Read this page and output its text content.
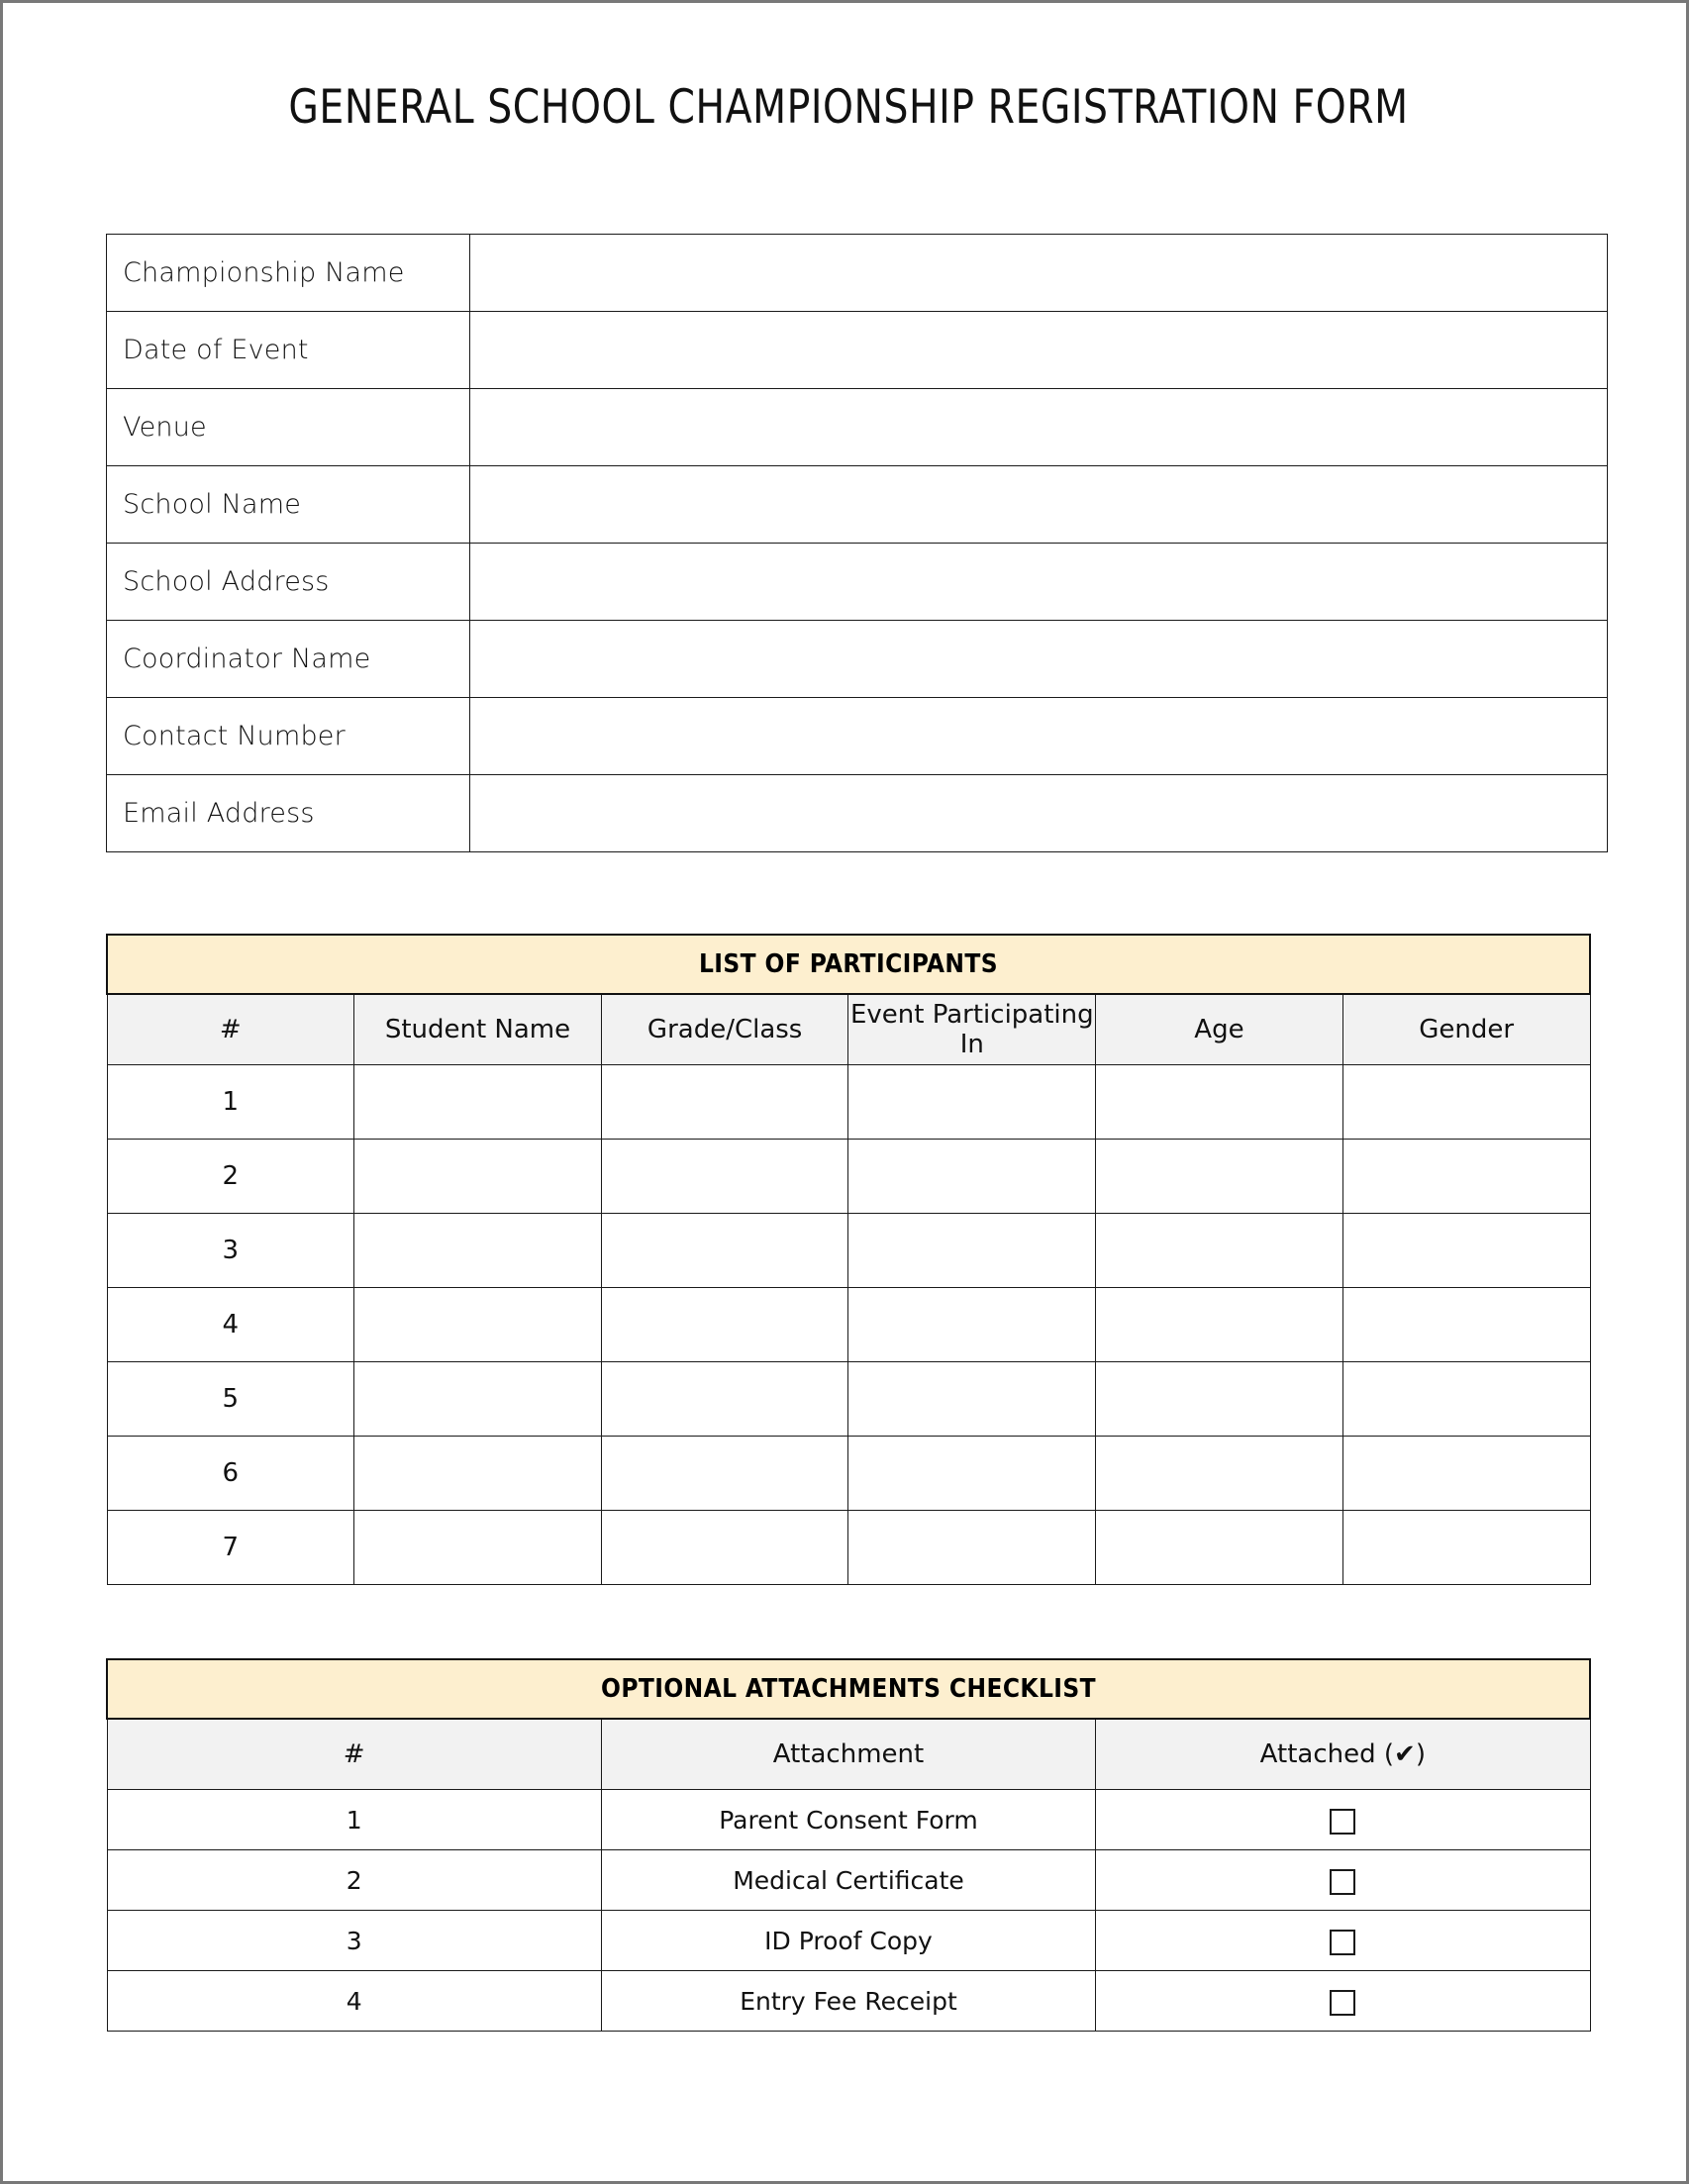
GENERAL SCHOOL CHAMPIONSHIP REGISTRATION FORM
Championship Name	
Date of Event	
Venue	
School Name	
School Address	
Coordinator Name	
Contact Number	
Email Address	
LIST OF PARTICIPANTS					
#	Student Name	Grade/Class	Event Participating In	Age	Gender
1					
2					
3					
4					
5					
6					
7					
OPTIONAL ATTACHMENTS CHECKLIST		
#	Attachment	Attached (✔)
1	Parent Consent Form	
2	Medical Certificate	
3	ID Proof Copy	
4	Entry Fee Receipt	
